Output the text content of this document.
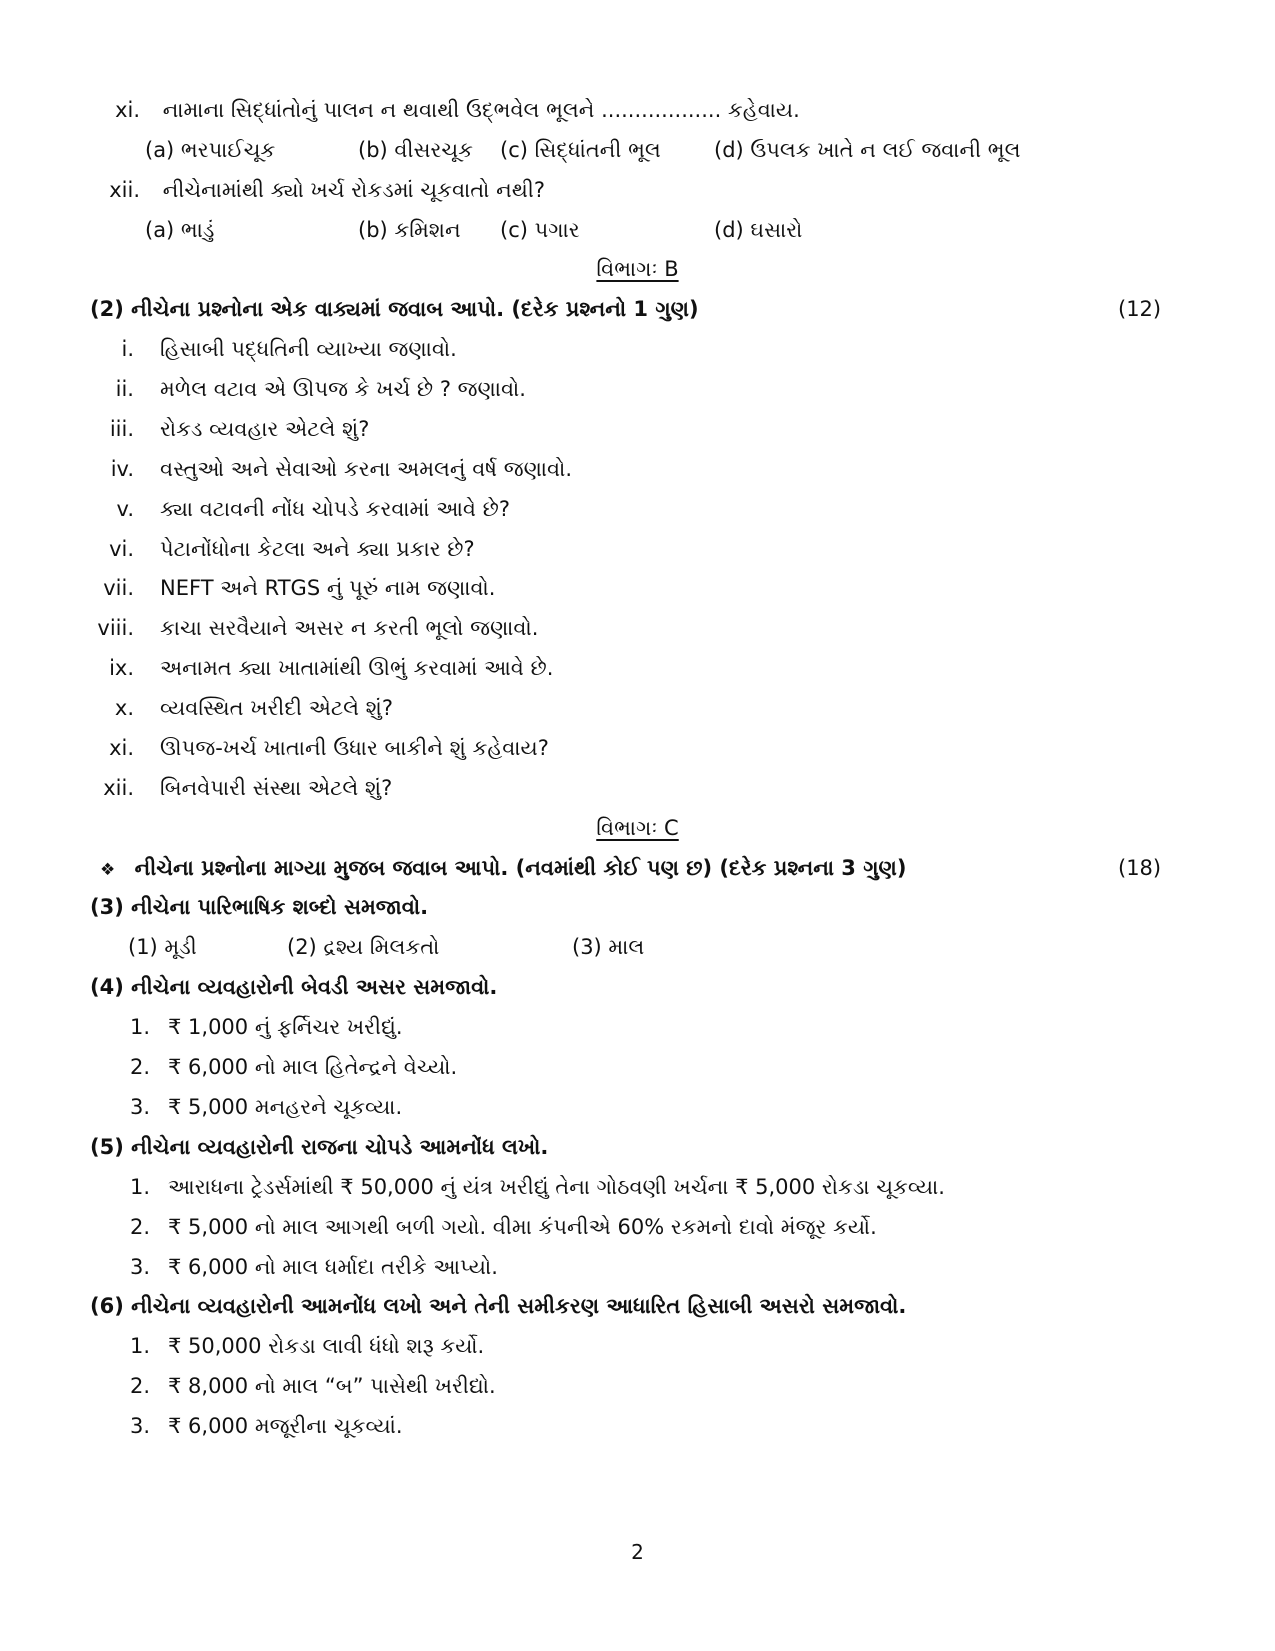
xi. નામાના સિદ્ધાંતોનું પાલન ન થવાથી ઉદ્ભવેલ ભૂલને .................. કહેવાય.
(a) ભરપાઈચૂક	(b) વીસરચૂક (c) સિદ્ધાંતની ભૂલ	(d) ઉપલક ખાતે ન લઈ જવાની ભૂલ
xii. નીચેનામાંથી ક્યો ખર્ચ રોકડમાં ચૂકવાતો નથી?
(a) ભાડું	(b) કમિશન (c) પગાર	(d) ઘસારો
વિભાગઃ B
(2) નીચેના પ્રશ્નોના એક વાક્યમાં જવાબ આપો. (દરેક પ્રશ્નનો 1 ગુણ)	(12)
i. હિસાબી પદ્ધતિની વ્યાખ્યા જણાવો.
ii. મળેલ વટાવ એ ઊપજ કે ખર્ચ છે ? જણાવો.
iii. રોકડ વ્યવહાર એટલે શું?
iv. વસ્તુઓ અને સેવાઓ કરના અમલનું વર્ષ જણાવો.
v. ક્યા વટાવની નોંધ ચોપડે કરવામાં આવે છે?
vi. પેટાનોંધોના કેટલા અને ક્યા પ્રકાર છે?
vii. NEFT અને RTGS નું પૂરું નામ જણાવો.
viii. કાચા સરવૈયાને અસર ન કરતી ભૂલો જણાવો.
ix. અનામત ક્યા ખાતામાંથી ઊભું કરવામાં આવે છે.
x. વ્યવસ્થિત ખરીદી એટલે શું?
xi. ઊપજ-ખર્ચ ખાતાની ઉધાર બાકીને શું કહેવાય?
xii. બિનવેપારી સંસ્થા એટલે શું?
વિભાગઃ C
❖ નીચેના પ્રશ્નોના માગ્યા મુજબ જવાબ આપો. (નવમાંથી કોઈ પણ છ) (દરેક પ્રશ્નના 3 ગુણ)	(18)
(3) નીચેના પારિભાષિક શબ્દો સમજાવો.
(1) મૂડી	(2) દ્રશ્ય મિલકતો	(3) માલ
(4) નીચેના વ્યવહારોની બેવડી અસર સમજાવો.
1. ₹ 1,000 નું ફર્નિચર ખરીદ્યું.
2. ₹ 6,000 નો માલ હિતેન્દ્રને વેચ્યો.
3. ₹ 5,000 મનહરને ચૂકવ્યા.
(5) નીચેના વ્યવહારોની રાજના ચોપડે આમનોંધ લખો.
1. આરાધના ટ્રેડર્સમાંથી ₹ 50,000 નું યંત્ર ખરીદ્યું તેના ગોઠવણી ખર્ચના ₹ 5,000 રોકડા ચૂકવ્યા.
2. ₹ 5,000 નો માલ આગથી બળી ગયો. વીમા કંપનીએ 60% રકમનો દાવો મંજૂર કર્યો.
3. ₹ 6,000 નો માલ ધર્માદા તરીકે આપ્યો.
(6) નીચેના વ્યવહારોની આમનોંધ લખો અને તેની સમીકરણ આધારિત હિસાબી અસરો સમજાવો.
1. ₹ 50,000 રોકડા લાવી ધંધો શરૂ કર્યો.
2. ₹ 8,000 નો માલ “બ” પાસેથી ખરીદ્યો.
3. ₹ 6,000 મજૂરીના ચૂકવ્યાં.
2
